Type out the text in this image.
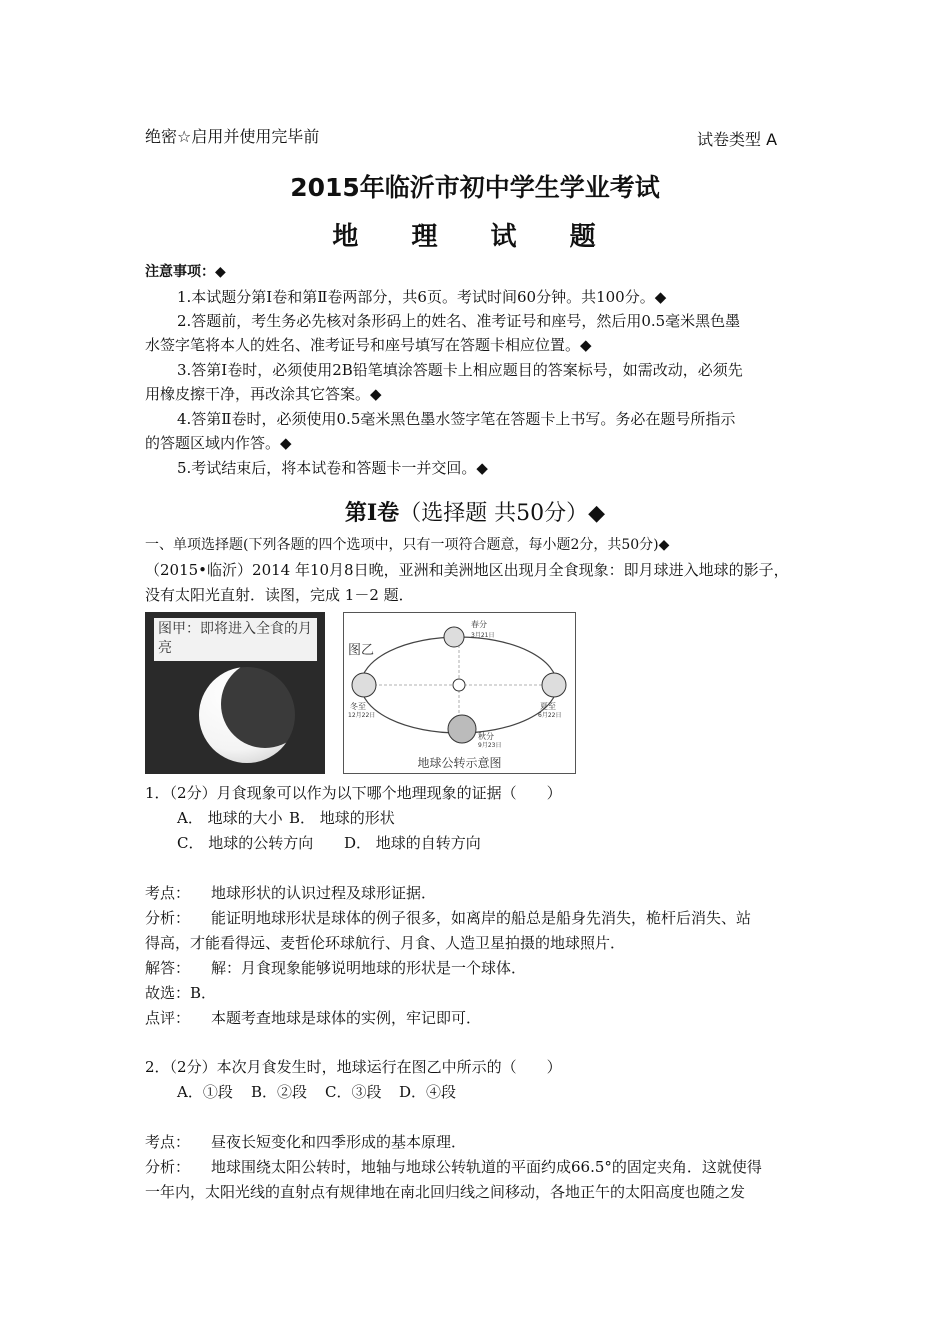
绝密☆启用并使用完毕前	试卷类型 A
2015年临沂市初中学生学业考试
地 理 试 题
注意事项：◆
1.本试题分第Ⅰ卷和第Ⅱ卷两部分，共6页。考试时间60分钟。共100分。◆
2.答题前，考生务必先核对条形码上的姓名、准考证号和座号，然后用0.5毫米黑色墨
水签字笔将本人的姓名、准考证号和座号填写在答题卡相应位置。◆
3.答第Ⅰ卷时，必须使用2B铅笔填涂答题卡上相应题目的答案标号，如需改动，必须先
用橡皮擦干净，再改涂其它答案。◆
4.答第Ⅱ卷时，必须使用0.5毫米黑色墨水签字笔在答题卡上书写。务必在题号所指示
的答题区域内作答。◆
5.考试结束后，将本试卷和答题卡一并交回。◆
第Ⅰ卷（选择题 共50分）◆
一、单项选择题(下列各题的四个选项中，只有一项符合题意，每小题2分，共50分)◆
（2015•临沂）2014 年10月8日晚，亚洲和美洲地区出现月全食现象：即月球进入地球的影子，
没有太阳光直射．读图，完成 1－2 题．
图乙
春分
3月21日
夏至
6月22日
冬至
12月22日
秋分
9月23日
地球公转示意图
1．（2分）月食现象可以作为以下哪个地理现象的证据（　　）
A． 地球的大小 B． 地球的形状
C． 地球的公转方向 D． 地球的自转方向
考点： 地球形状的认识过程及球形证据．
分析： 能证明地球形状是球体的例子很多，如离岸的船总是船身先消失，桅杆后消失、站
得高，才能看得远、麦哲伦环球航行、月食、人造卫星拍摄的地球照片．
解答： 解：月食现象能够说明地球的形状是一个球体．
故选：B．
点评： 本题考查地球是球体的实例，牢记即可．
2．（2分）本次月食发生时，地球运行在图乙中所示的（　　）
A．①段 B．②段 C．③段 D．④段
考点： 昼夜长短变化和四季形成的基本原理．
分析： 地球围绕太阳公转时，地轴与地球公转轨道的平面约成66.5°的固定夹角．这就使得
一年内，太阳光线的直射点有规律地在南北回归线之间移动，各地正午的太阳高度也随之发
